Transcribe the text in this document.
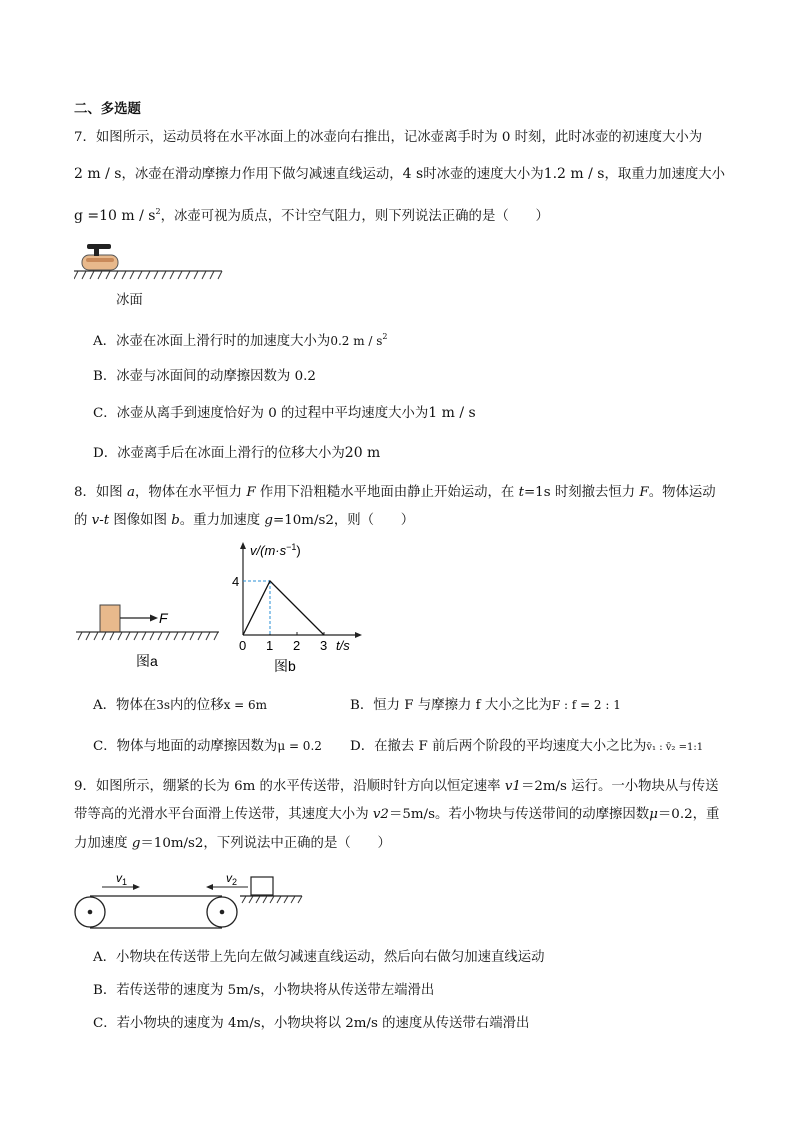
二、多选题
7．如图所示，运动员将在水平冰面上的冰壶向右推出，记冰壶离手时为 0 时刻，此时冰壶的初速度大小为
2 m / s，冰壶在滑动摩擦力作用下做匀减速直线运动，4 s时冰壶的速度大小为1.2 m / s，取重力加速度大小
g =10 m / $s^2$，冰壶可视为质点，不计空气阻力，则下列说法正确的是（　　）
冰面
A．冰壶在冰面上滑行时的加速度大小为0.2 m / $s^2$
B．冰壶与冰面间的动摩擦因数为 0.2
C．冰壶从离手到速度恰好为 0 的过程中平均速度大小为1 m / s
D．冰壶离手后在冰面上滑行的位移大小为20 m
8．如图 a，物体在水平恒力 F 作用下沿粗糙水平地面由静止开始运动，在 t=1s 时刻撤去恒力 F。物体运动
的 v-t 图像如图 b。重力加速度 g=10m/s2，则（　　）
F
图a
$v/(m\cdot s^{-1})$
4
0 1 2 3 t/s
图b
A．物体在3s内的位移x = 6m	B．恒力 F 与摩擦力 f 大小之比为F : f = 2 : 1
C．物体与地面的动摩擦因数为μ = 0.2 D．在撤去 F 前后两个阶段的平均速度大小之比为v̄₁ : v̄₂ =1:1
9．如图所示，绷紧的长为 6m 的水平传送带，沿顺时针方向以恒定速率 v1＝2m/s 运行。一小物块从与传送
带等高的光滑水平台面滑上传送带，其速度大小为 v2＝5m/s。若小物块与传送带间的动摩擦因数μ＝0.2，重
力加速度 g＝10m/s2，下列说法中正确的是（　　）
$v_1$	$v_2$
A．小物块在传送带上先向左做匀减速直线运动，然后向右做匀加速直线运动
B．若传送带的速度为 5m/s，小物块将从传送带左端滑出
C．若小物块的速度为 4m/s，小物块将以 2m/s 的速度从传送带右端滑出
